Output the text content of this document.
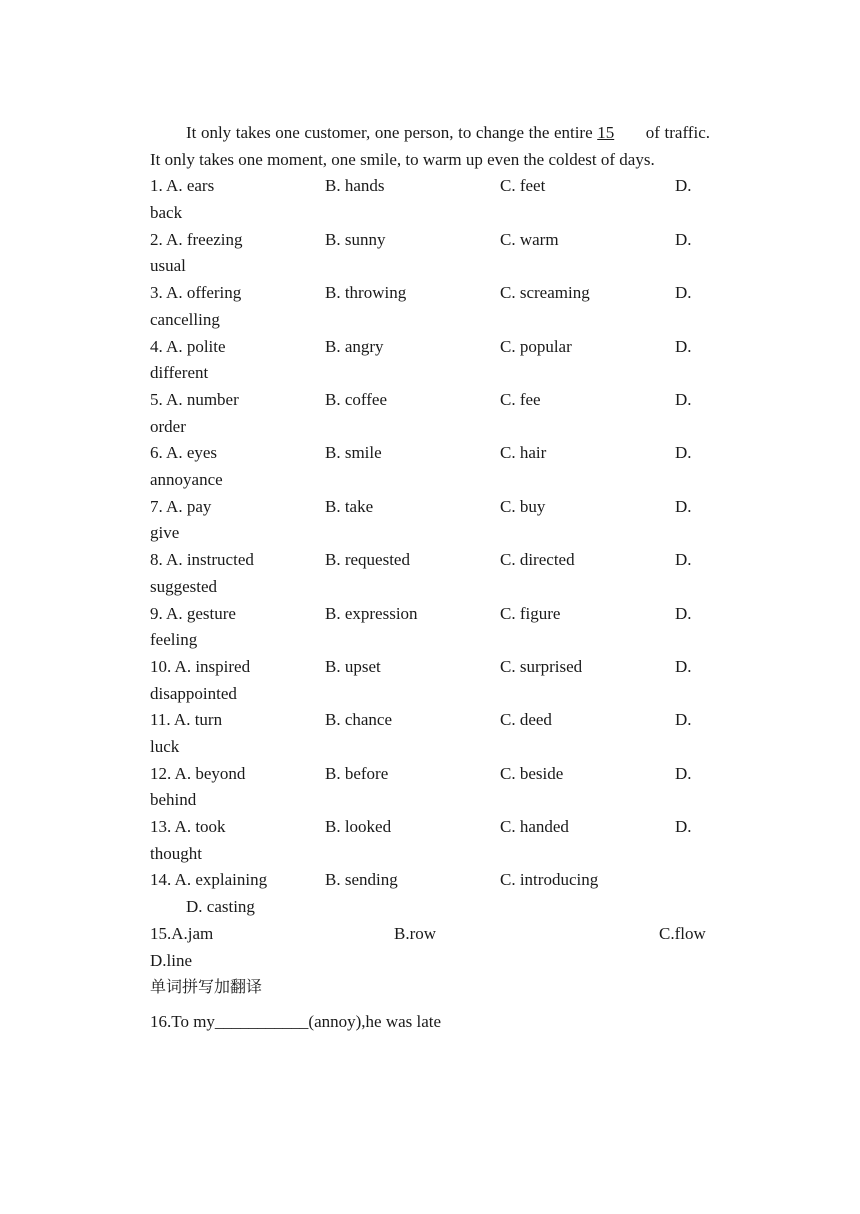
It only takes one customer, one person, to change the entire 15 of traffic. It only takes one moment, one smile, to warm up even the coldest of days.

1. A. ears	B. hands	C. feet	D.
back
2. A. freezing	B. sunny	C. warm	D.
usual
3. A. offering	B. throwing	C. screaming	D.
cancelling
4. A. polite	B. angry	C. popular	D.
different
5. A. number	B. coffee	C. fee	D.
order
6. A. eyes	B. smile	C. hair	D.
annoyance
7. A. pay	B. take	C. buy	D.
give
8. A. instructed	B. requested	C. directed	D.
suggested
9. A. gesture	B. expression	C. figure	D.
feeling
10. A. inspired	B. upset	C. surprised	D.
disappointed
11. A. turn	B. chance	C. deed	D.
luck
12. A. beyond	B. before	C. beside	D.
behind
13. A. took	B. looked	C. handed	D.
thought
14. A. explaining	B. sending	C. introducing
D. casting
15.A.jam	B.row	C.flow
D.line

单词拼写加翻译

16.To my___________(annoy),he was late
